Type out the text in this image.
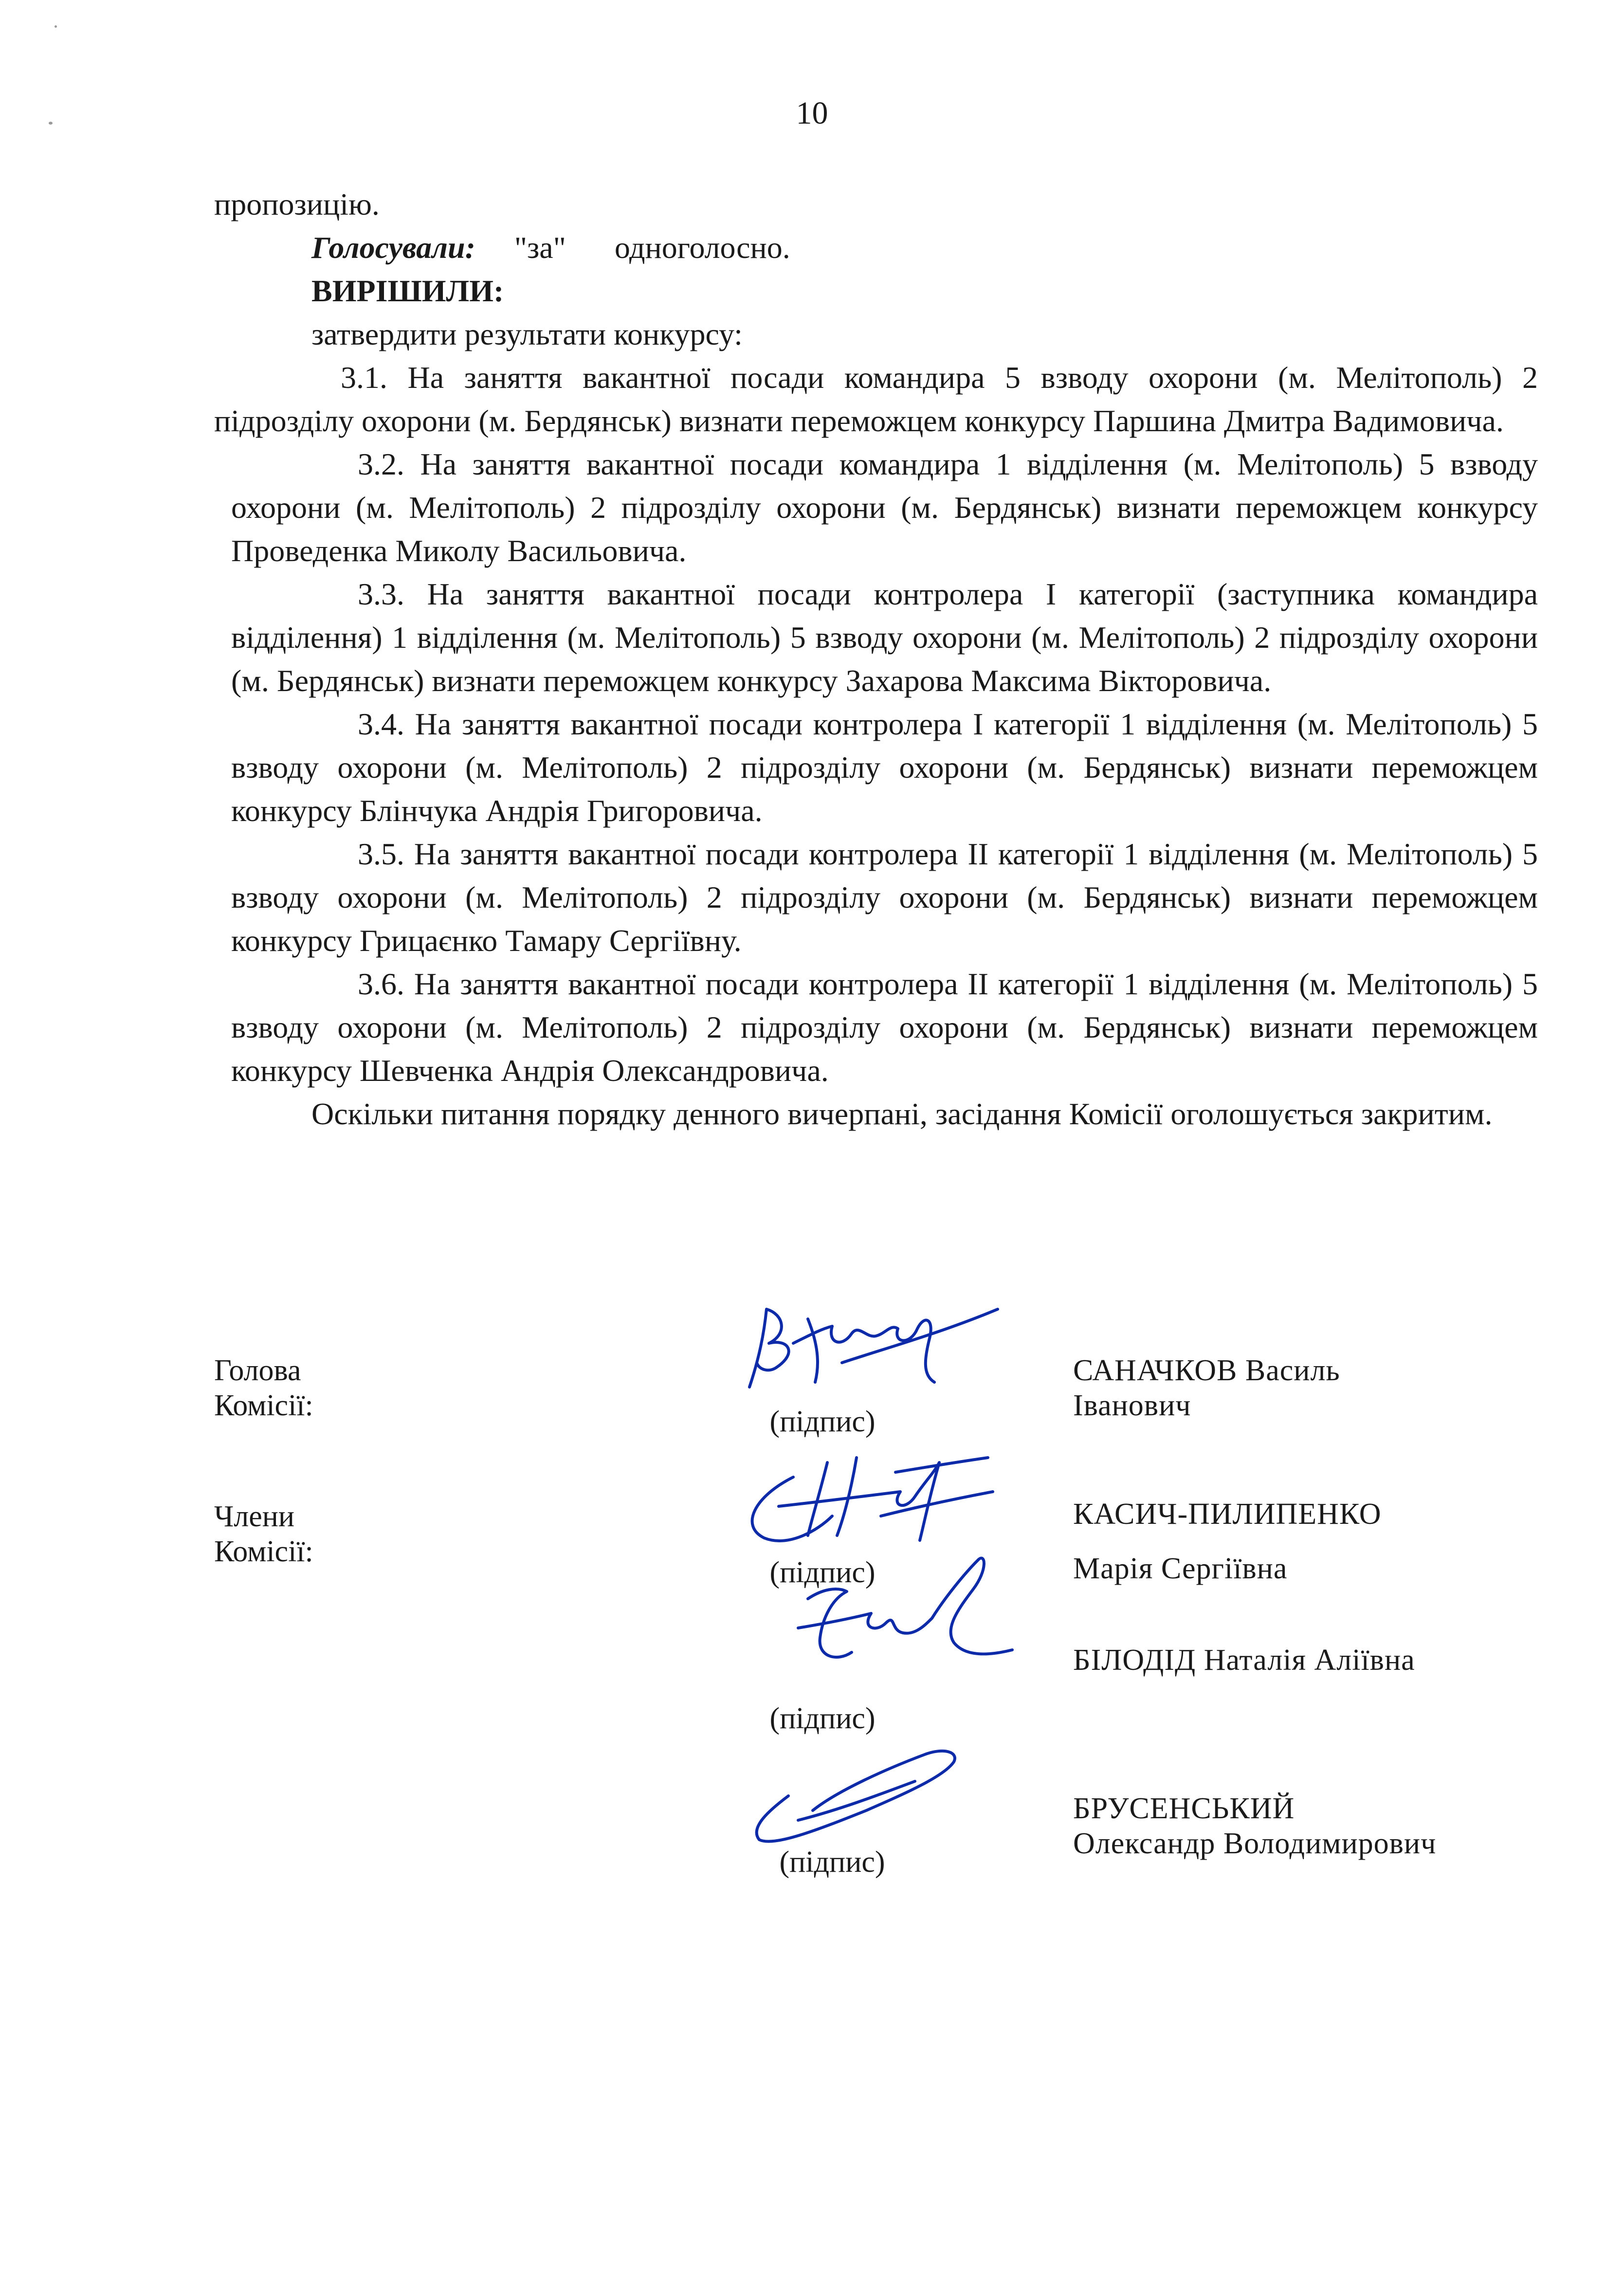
10

пропозицію.

Голосували: "за" одноголосно.

ВИРІШИЛИ:

затвердити результати конкурсу:

3.1. На заняття вакантної посади командира 5 взводу охорони (м. Мелітополь) 2 підрозділу охорони (м. Бердянськ) визнати переможцем конкурсу Паршина Дмитра Вадимовича.

3.2. На заняття вакантної посади командира 1 відділення (м. Мелітополь) 5 взводу охорони (м. Мелітополь) 2 підрозділу охорони (м. Бердянськ) визнати переможцем конкурсу Проведенка Миколу Васильовича.

3.3. На заняття вакантної посади контролера I категорії (заступника командира відділення) 1 відділення (м. Мелітополь) 5 взводу охорони (м. Мелітополь) 2 підрозділу охорони (м. Бердянськ) визнати переможцем конкурсу Захарова Максима Вікторовича.

3.4. На заняття вакантної посади контролера I категорії 1 відділення (м. Мелітополь) 5 взводу охорони (м. Мелітополь) 2 підрозділу охорони (м. Бердянськ) визнати переможцем конкурсу Блінчука Андрія Григоровича.

3.5. На заняття вакантної посади контролера II категорії 1 відділення (м. Мелітополь) 5 взводу охорони (м. Мелітополь) 2 підрозділу охорони (м. Бердянськ) визнати переможцем конкурсу Грицаєнко Тамару Сергіївну.

3.6. На заняття вакантної посади контролера II категорії 1 відділення (м. Мелітополь) 5 взводу охорони (м. Мелітополь) 2 підрозділу охорони (м. Бердянськ) визнати переможцем конкурсу Шевченка Андрія Олександровича.

Оскільки питання порядку денного вичерпані, засідання Комісії оголошується закритим.

Голова
Комісії:
САНАЧКОВ Василь
Іванович
(підпис)
Члени
Комісії:
КАСИЧ-ПИЛИПЕНКО
Марія Сергіївна
(підпис)
БІЛОДІД Наталія Аліївна
(підпис)
БРУСЕНСЬКИЙ
Олександр Володимирович
(підпис)
